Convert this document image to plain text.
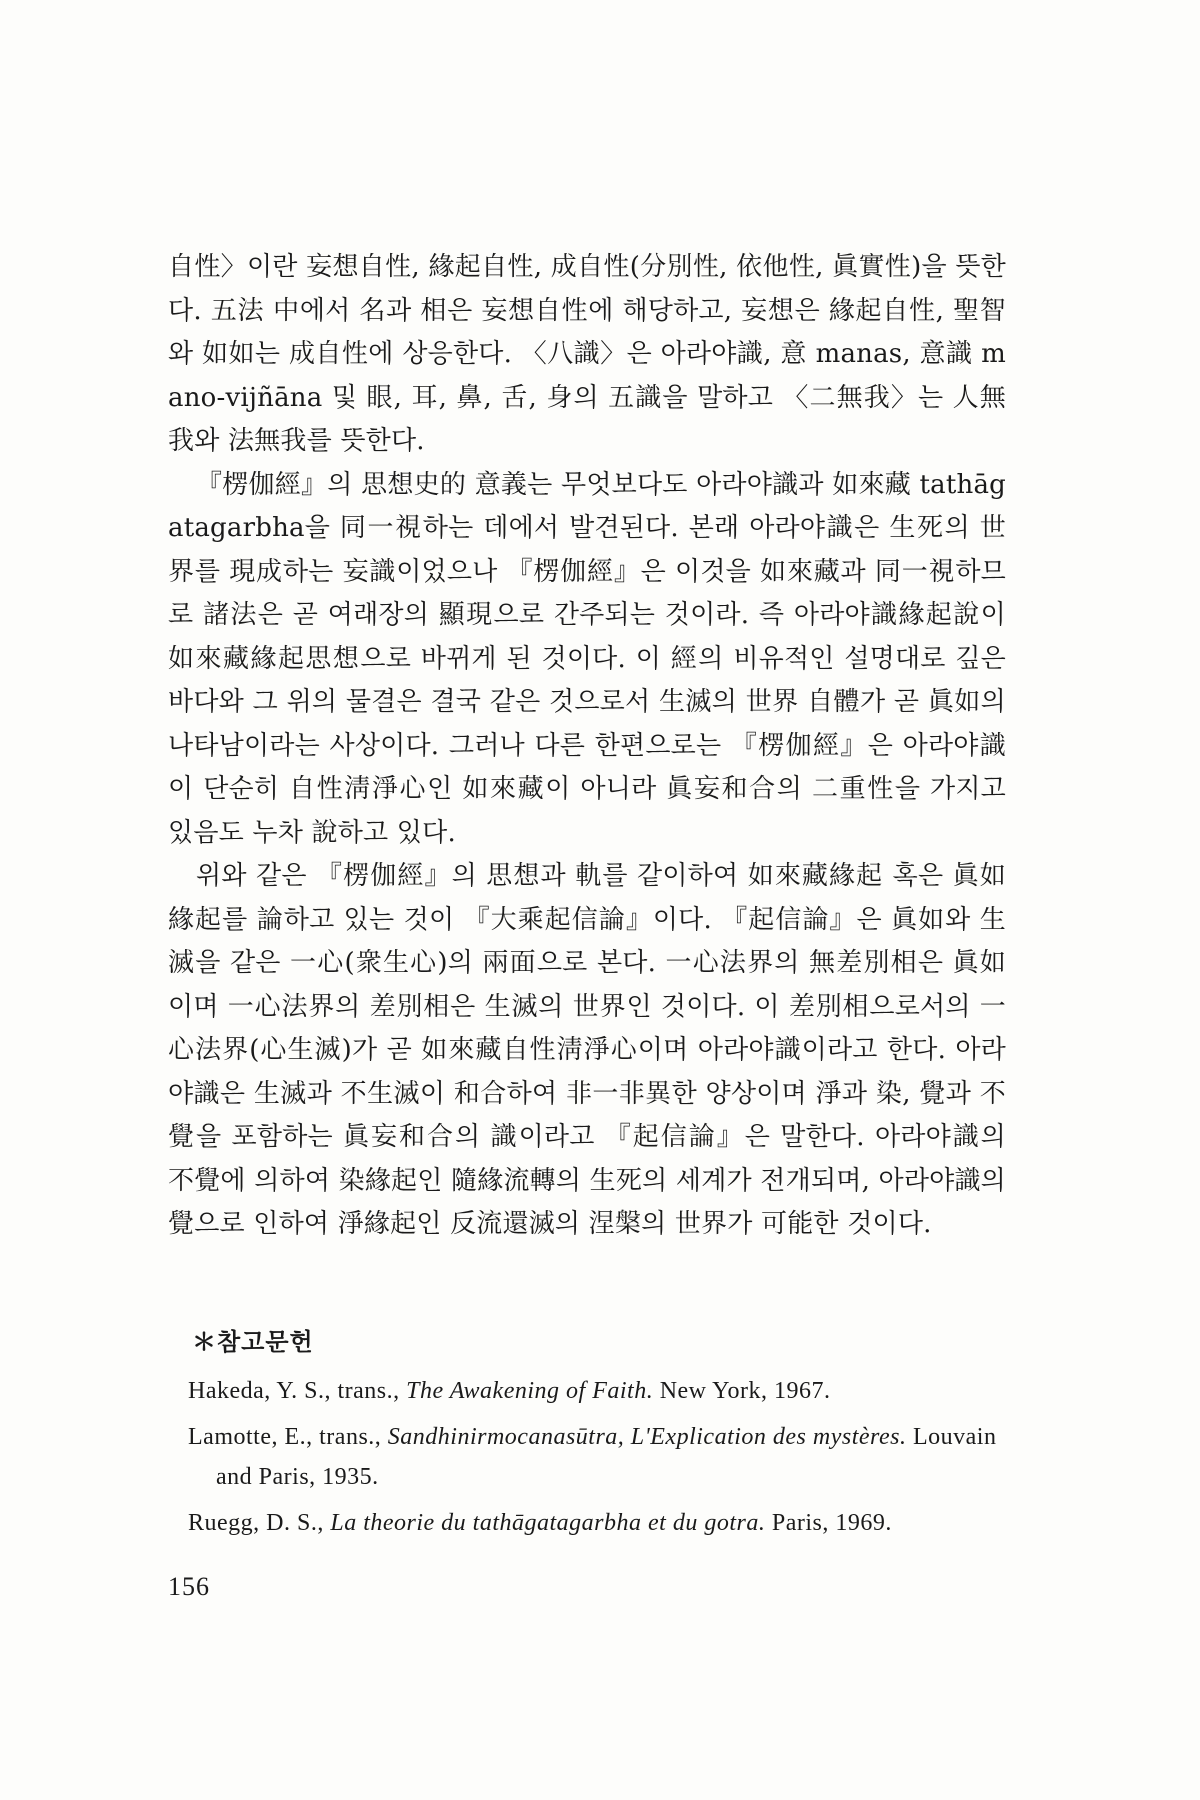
自性〉이란 妄想自性, 緣起自性, 成自性(分別性, 依他性, 眞實性)을 뜻한다. 五法 中에서 名과 相은 妄想自性에 해당하고, 妄想은 緣起自性, 聖智와 如如는 成自性에 상응한다. 〈八識〉은 아라야識, 意 manas, 意識 mano-vijñāna 및 眼, 耳, 鼻, 舌, 身의 五識을 말하고 〈二無我〉는 人無我와 法無我를 뜻한다.

『楞伽經』의 思想史的 意義는 무엇보다도 아라야識과 如來藏 tathāgatagarbha을 同一視하는 데에서 발견된다. 본래 아라야識은 生死의 世界를 現成하는 妄識이었으나 『楞伽經』은 이것을 如來藏과 同一視하므로 諸法은 곧 여래장의 顯現으로 간주되는 것이라. 즉 아라야識緣起說이 如來藏緣起思想으로 바뀌게 된 것이다. 이 經의 비유적인 설명대로 깊은 바다와 그 위의 물결은 결국 같은 것으로서 生滅의 世界 自體가 곧 眞如의 나타남이라는 사상이다. 그러나 다른 한편으로는 『楞伽經』은 아라야識이 단순히 自性淸淨心인 如來藏이 아니라 眞妄和合의 二重性을 가지고 있음도 누차 說하고 있다.

위와 같은 『楞伽經』의 思想과 軌를 같이하여 如來藏緣起 혹은 眞如緣起를 論하고 있는 것이 『大乘起信論』이다. 『起信論』은 眞如와 生滅을 같은 一心(衆生心)의 兩面으로 본다. 一心法界의 無差別相은 眞如이며 一心法界의 差別相은 生滅의 世界인 것이다. 이 差別相으로서의 一心法界(心生滅)가 곧 如來藏自性淸淨心이며 아라야識이라고 한다. 아라야識은 生滅과 不生滅이 和合하여 非一非異한 양상이며 淨과 染, 覺과 不覺을 포함하는 眞妄和合의 識이라고 『起信論』은 말한다. 아라야識의 不覺에 의하여 染緣起인 隨緣流轉의 生死의 세계가 전개되며, 아라야識의 覺으로 인하여 淨緣起인 反流還滅의 涅槃의 世界가 可能한 것이다.

＊참고문헌

Hakeda, Y. S., trans., The Awakening of Faith. New York, 1967.

Lamotte, E., trans., Sandhinirmocanasūtra, L'Explication des mystères. Louvain and Paris, 1935.

Ruegg, D. S., La theorie du tathāgatagarbha et du gotra. Paris, 1969.

156
